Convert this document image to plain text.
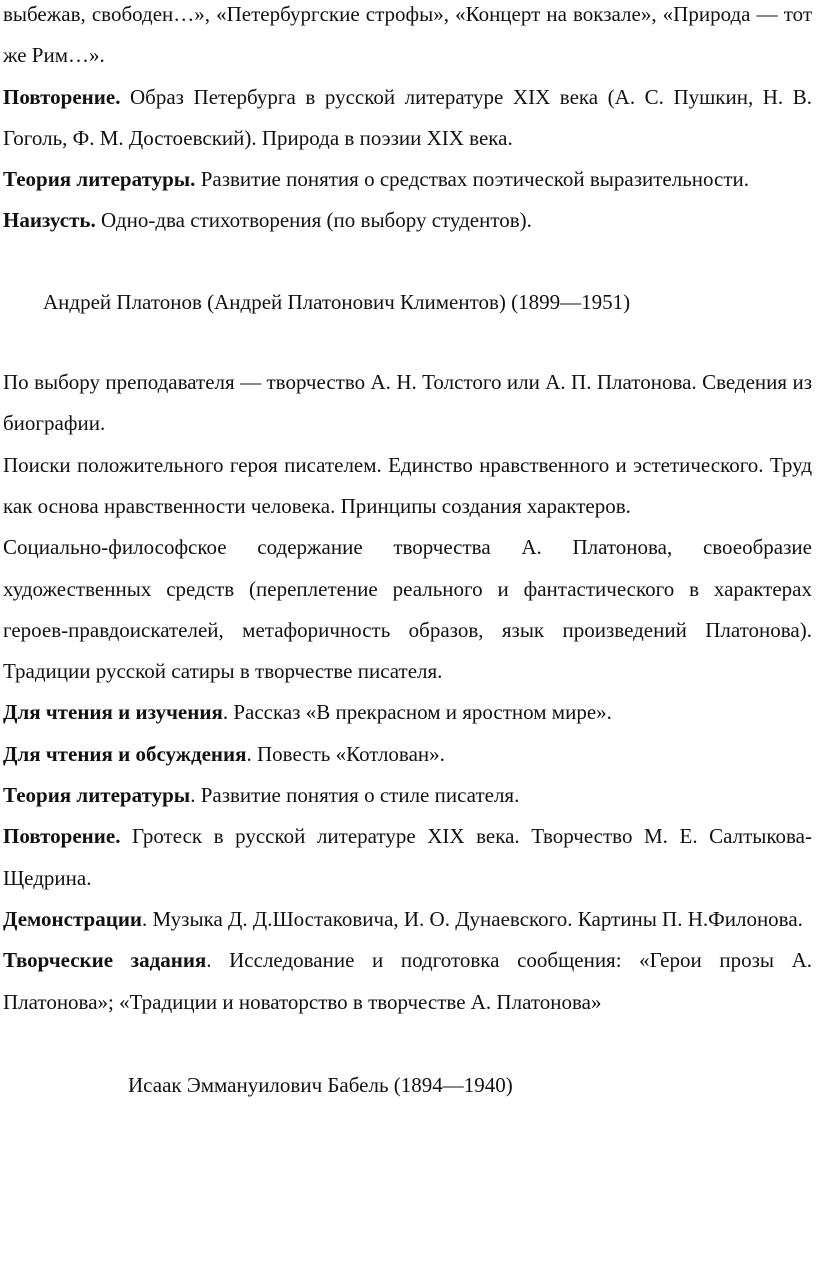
выбежав, свободен…», «Петербургские строфы», «Концерт на вокзале», «Природа — тот же Рим…».

Повторение. Образ Петербурга в русской литературе XIX века (А. С. Пушкин, Н. В. Гоголь, Ф. М. Достоевский). Природа в поэзии XIX века.

Теория литературы. Развитие понятия о средствах поэтической выразительности.

Наизусть. Одно-два стихотворения (по выбору студентов).

Андрей Платонов (Андрей Платонович Климентов) (1899—1951)

По выбору преподавателя — творчество А. Н. Толстого или А. П. Платонова. Сведения из биографии.

Поиски положительного героя писателем. Единство нравственного и эстетического. Труд как основа нравственности человека. Принципы создания характеров.

Социально-философское содержание творчества А. Платонова, своеобразие художественных средств (переплетение реального и фантастического в характерах героев-правдоискателей, метафоричность образов, язык произведений Платонова). Традиции русской сатиры в творчестве писателя.

Для чтения и изучения. Рассказ «В прекрасном и яростном мире».

Для чтения и обсуждения. Повесть «Котлован».

Теория литературы. Развитие понятия о стиле писателя.

Повторение. Гротеск в русской литературе XIX века. Творчество М. Е. Салтыкова-Щедрина.

Демонстрации. Музыка Д. Д.Шостаковича, И. О. Дунаевского. Картины П. Н.Филонова.

Творческие задания. Исследование и подготовка сообщения: «Герои прозы А. Платонова»; «Традиции и новаторство в творчестве А. Платонова»

Исаак Эммануилович Бабель (1894—1940)
